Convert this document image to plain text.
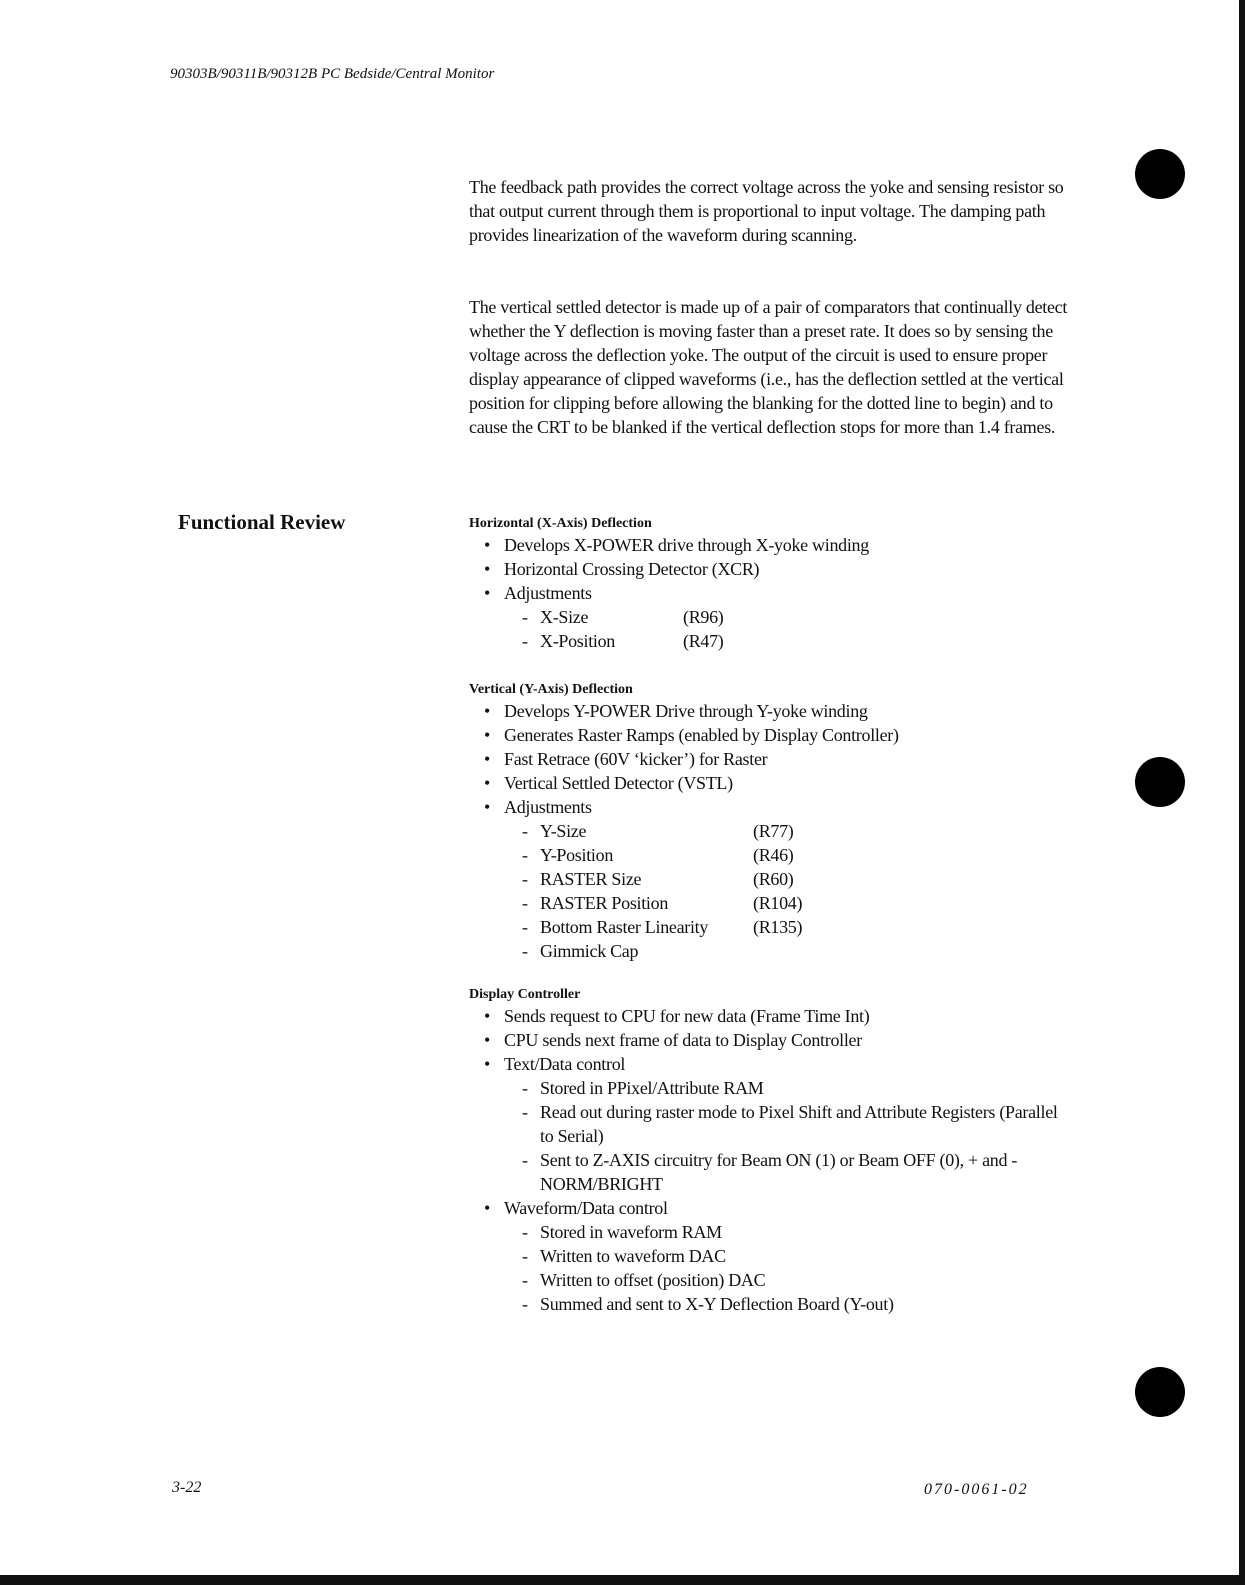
90303B/90311B/90312B PC Bedside/Central Monitor

The feedback path provides the correct voltage across the yoke and sensing resistor so that output current through them is proportional to input voltage. The damping path provides linearization of the waveform during scanning.

The vertical settled detector is made up of a pair of comparators that continually detect whether the Y deflection is moving faster than a preset rate. It does so by sensing the voltage across the deflection yoke. The output of the circuit is used to ensure proper display appearance of clipped waveforms (i.e., has the deflection settled at the vertical position for clipping before allowing the blanking for the dotted line to begin) and to cause the CRT to be blanked if the vertical deflection stops for more than 1.4 frames.

Functional Review	Horizontal (X-Axis) Deflection
• Develops X-POWER drive through X-yoke winding
• Horizontal Crossing Detector (XCR)
• Adjustments
- X-Size	(R96)
- X-Position	(R47)
Vertical (Y-Axis) Deflection
• Develops Y-POWER Drive through Y-yoke winding
• Generates Raster Ramps (enabled by Display Controller)
• Fast Retrace (60V ‘kicker’) for Raster
• Vertical Settled Detector (VSTL)
• Adjustments
- Y-Size	(R77)
- Y-Position	(R46)
- RASTER Size	(R60)
- RASTER Position	(R104)
- Bottom Raster Linearity (R135)
- Gimmick Cap
Display Controller
• Sends request to CPU for new data (Frame Time Int)
• CPU sends next frame of data to Display Controller
• Text/Data control
- Stored in PPixel/Attribute RAM
- Read out during raster mode to Pixel Shift and Attribute Registers (Parallel to Serial)
- Sent to Z-AXIS circuitry for Beam ON (1) or Beam OFF (0), + and -NORM/BRIGHT
• Waveform/Data control
- Stored in waveform RAM
- Written to waveform DAC
- Written to offset (position) DAC
- Summed and sent to X-Y Deflection Board (Y-out)
3-22	070-0061-02
